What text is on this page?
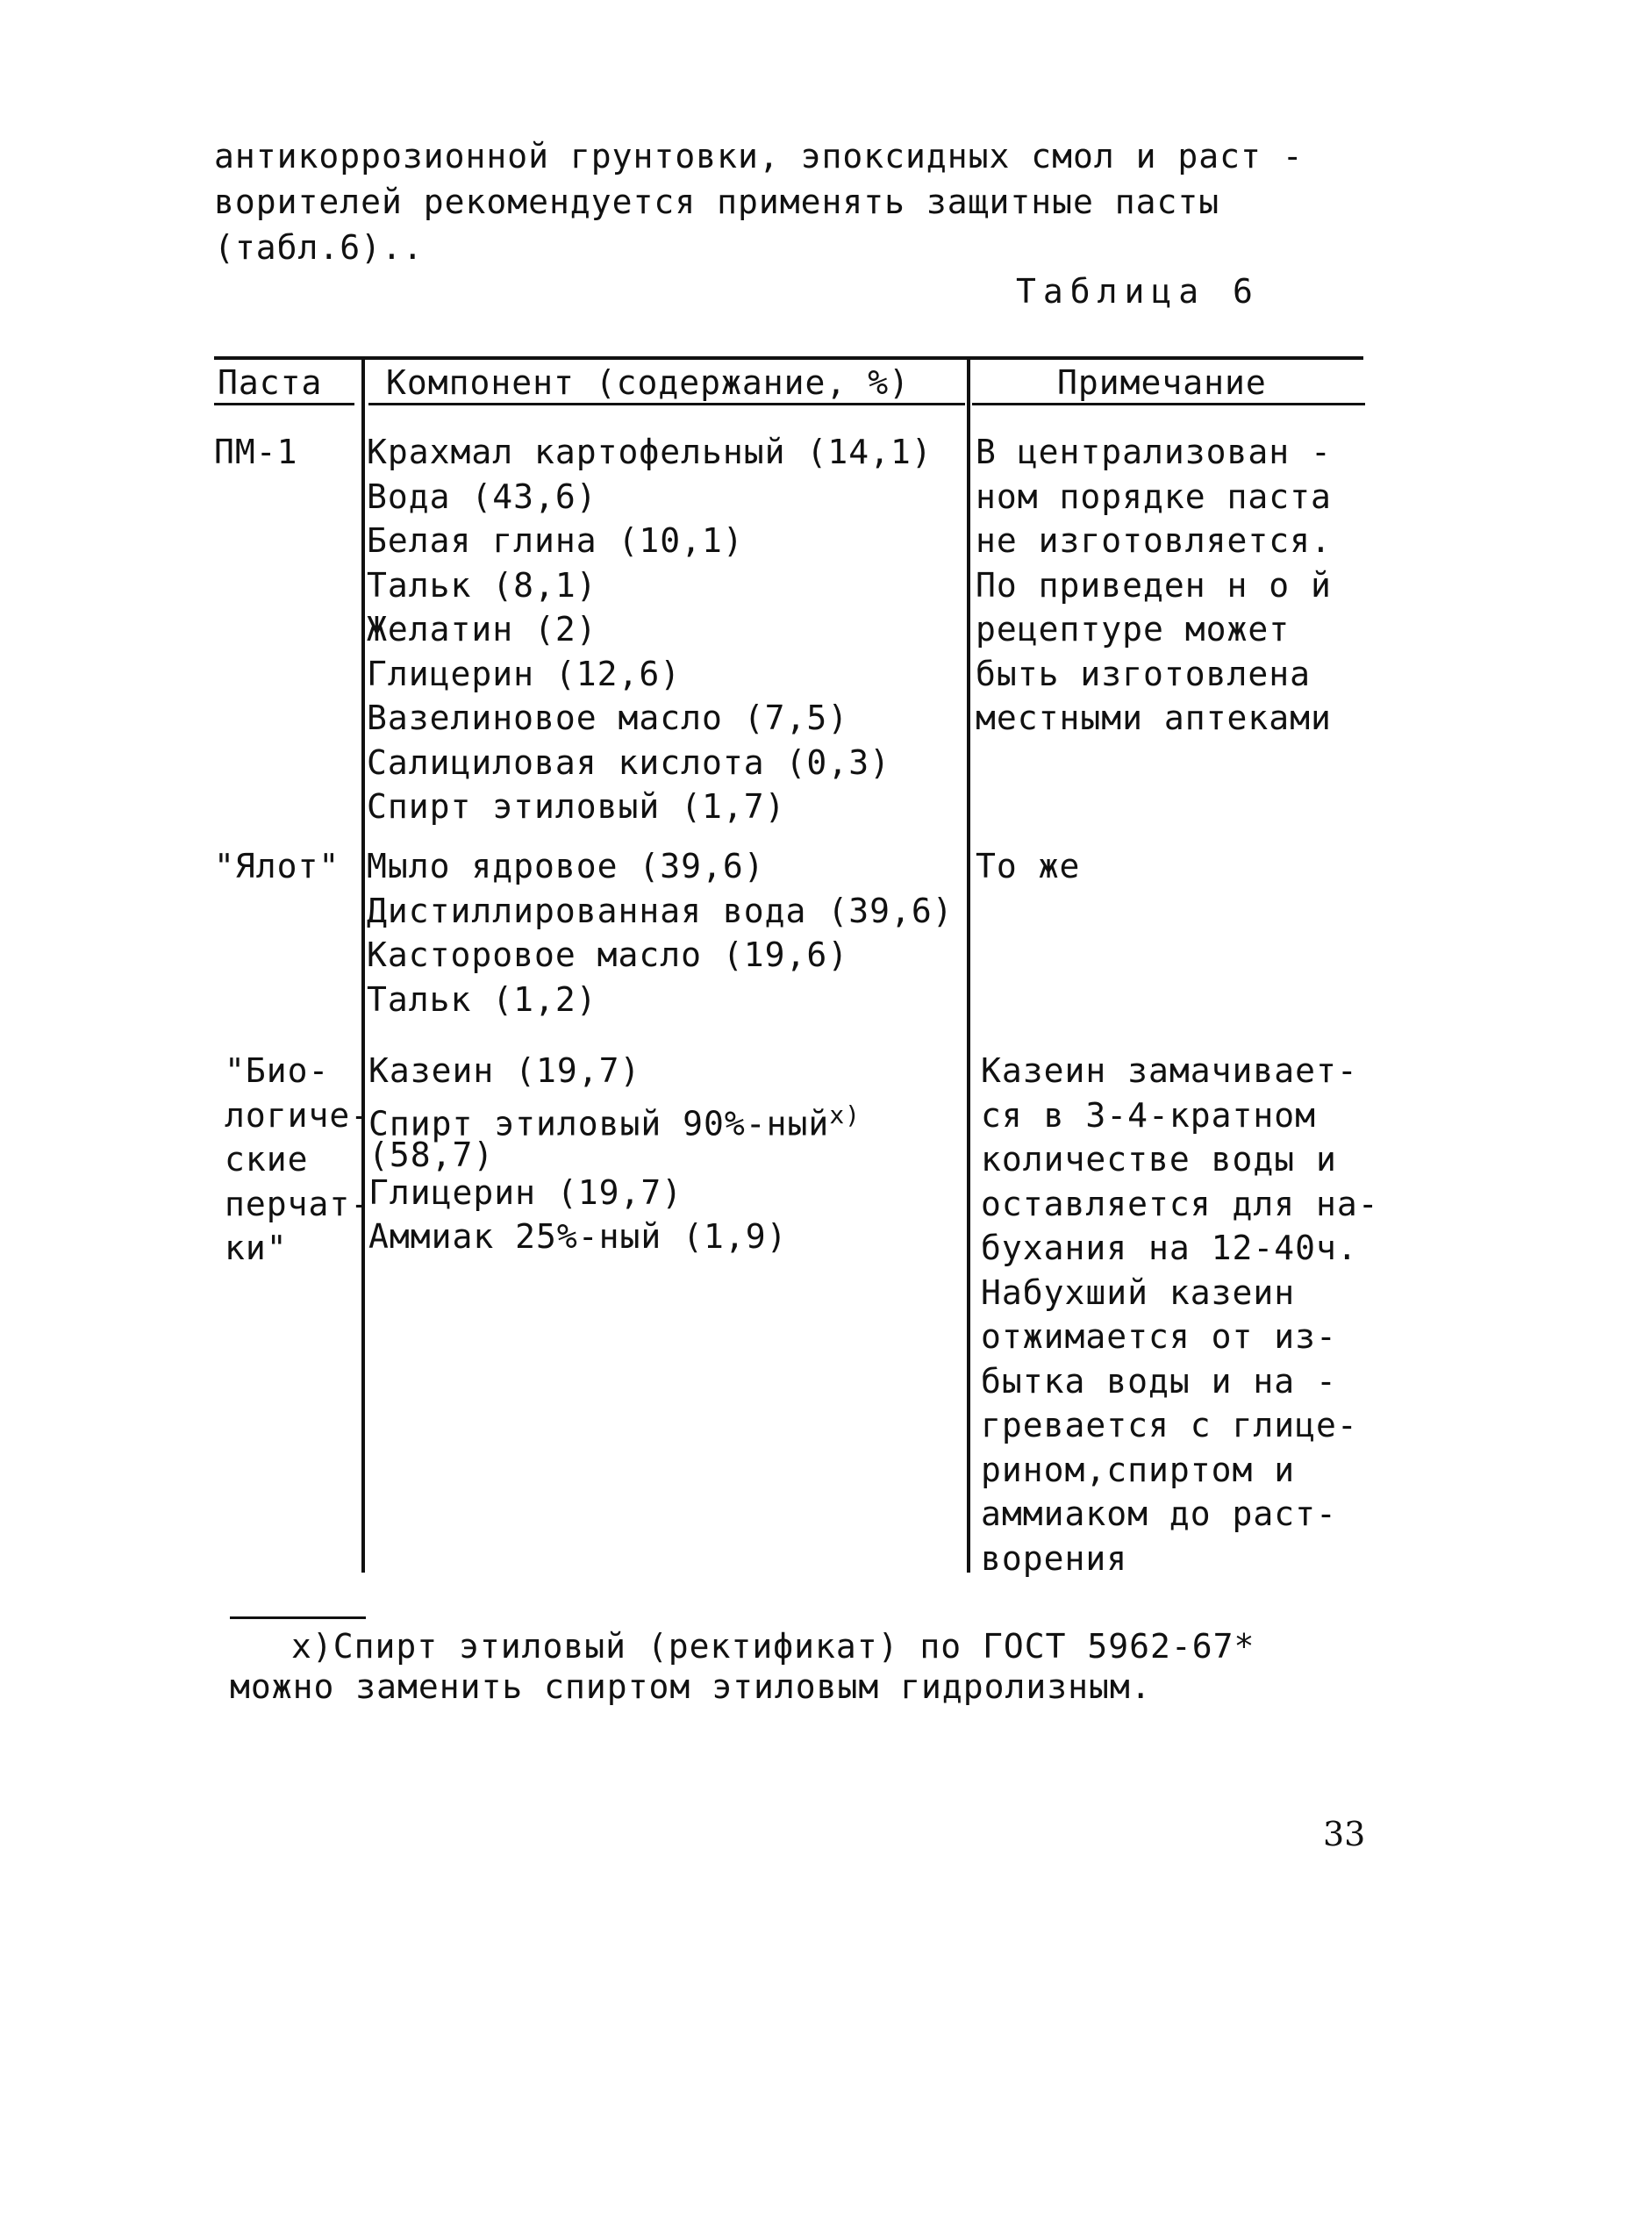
антикоррозионной грунтовки, эпоксидных смол и раст -
ворителей рекомендуется применять защитные пасты
(табл.6)..
Таблица 6
Паста Компонент (содержание, %)	Примечание
ПМ-1 Крахмал картофельный (14,1)
Вода (43,6)
Белая глина (10,1)
Тальк (8,1)
Желатин (2)
Глицерин (12,6)
Вазелиновое масло (7,5)
Салициловая кислота (0,3)
Спирт этиловый (1,7)
В централизован -
ном порядке паста
не изготовляется.
По приведен н о й
рецептуре может
быть изготовлена
местными аптеками
"Ялот" Мыло ядровое (39,6)
Дистиллированная вода (39,6)
Касторовое масло (19,6)
Тальк (1,2)
То же
"Био-
логиче-
ские
перчат-
ки"
Казеин (19,7)
Спирт этиловый 90%-ный$^{x)}$
(58,7)
Глицерин (19,7)
Аммиак 25%-ный (1,9)
Казеин замачивает-
ся в 3-4-кратном
количестве воды и
оставляется для на-
бухания на 12-40ч.
Набухший казеин
отжимается от из-
бытка воды и на -
гревается с глице-
рином,спиртом и
аммиаком до раст-
ворения
х)Спирт этиловый (ректификат) по ГОСТ 5962-67*
можно заменить спиртом этиловым гидролизным.
33
